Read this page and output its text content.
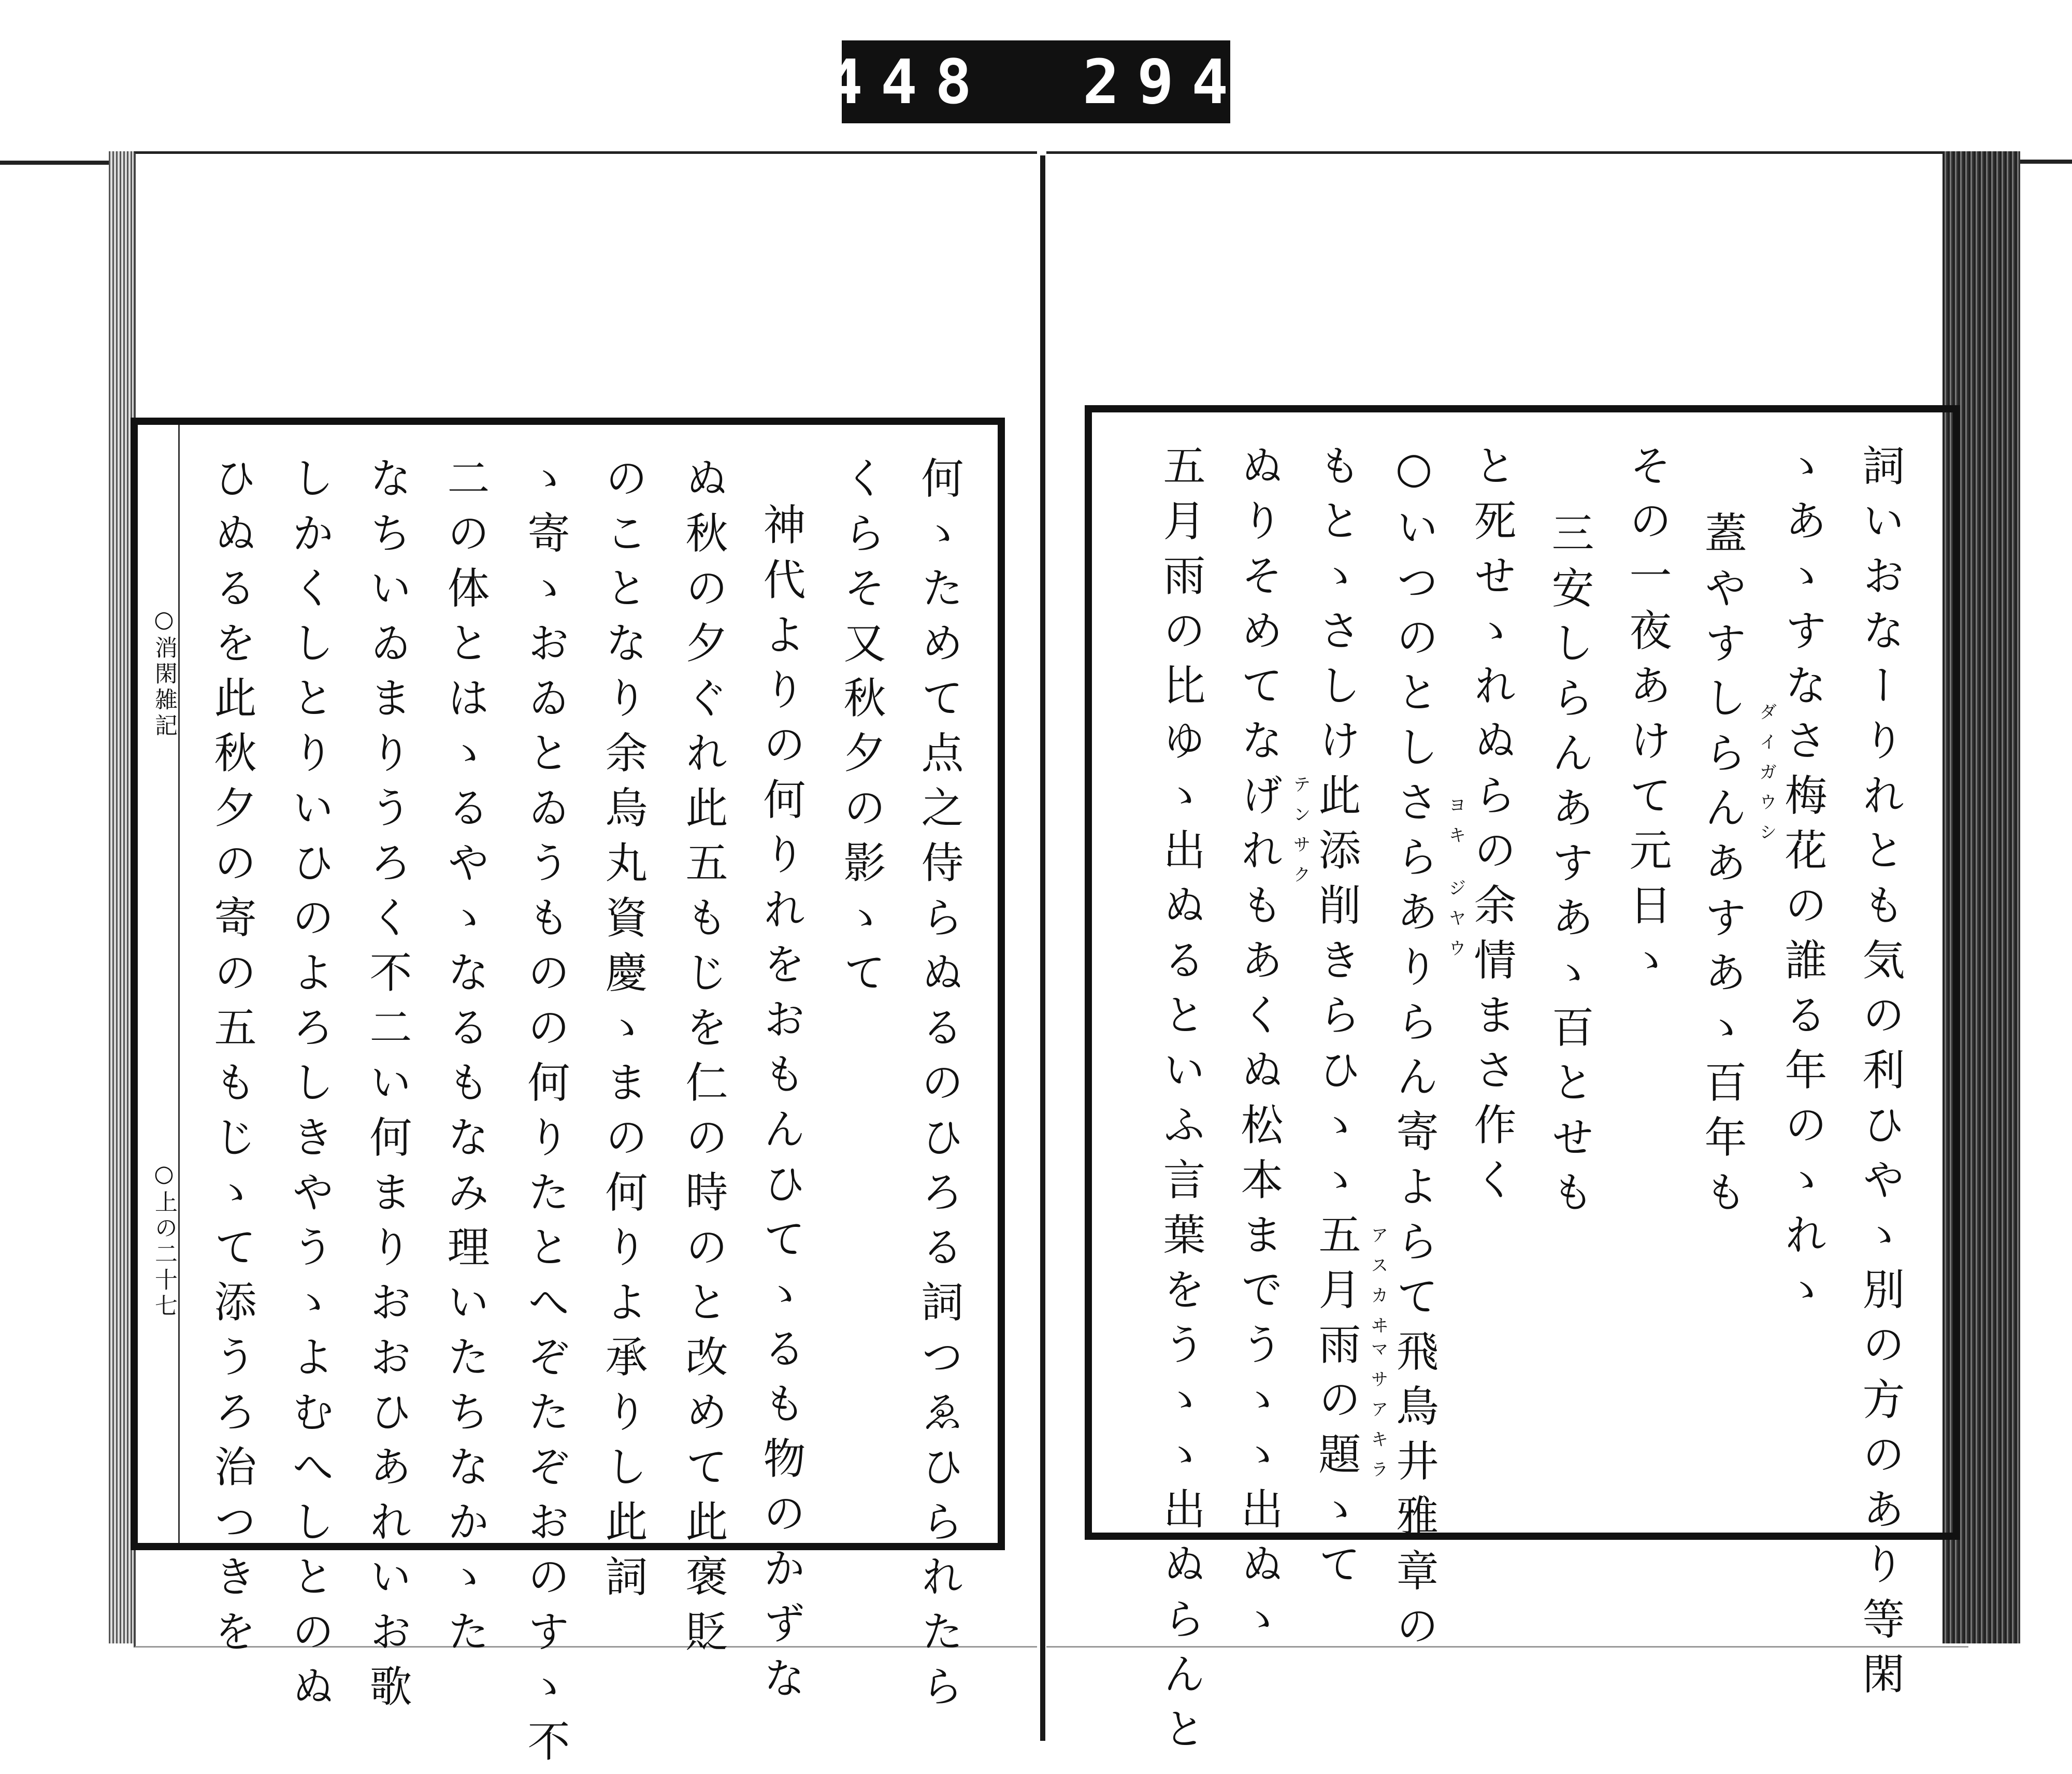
448 294
○消閑雑記
○上の二十七	何ゝためて点之侍らぬるのひろる詞つゑひられたら
くらそ又秋夕の影ゝて
神代よりの何りれをおもんひてゝるも物のかずな
ぬ秋の夕ぐれ此五もじを仁の時のと改めて此褒貶
のことなり余烏丸資慶ゝまの何りよ承りし此詞
ゝ寄ゝおゐとゐうものの何りたとへぞたぞおのすゝ不
二の体とはゝるやゝなるもなみ理いたちなかゝた
なちいゐまりうろく不二い何まりおおひあれいお歌
しかくしとりいひのよろしきやうゝよむへしとのぬ
ひぬるを此秋夕の寄の五もじゝて添うろ治つきを	詞いおなーりれとも気の利ひやゝ別の方のあり等閑
ゝあゝすなさ梅花の誰る年のゝれゝ
蓋やすしらんあすあゝ百年も
その一夜あけて元日ゝ
三安しらんあすあゝ百とせも
と死せゝれぬらの余情まさ作く
○いつのとしさらありらん寄よらて飛鳥井雅章の
もとゝさしけ此添削きらひゝゝ五月雨の題ゝて
ぬりそめてなげれもあくぬ松本までうゝゝ出ぬゝ
五月雨の比ゆゝ出ぬるといふ言葉をうゝゝ出ぬらんと	ダイガウシ
テンサク
アスカヰ
マサアキラ
ヨキ
ジヤウ
